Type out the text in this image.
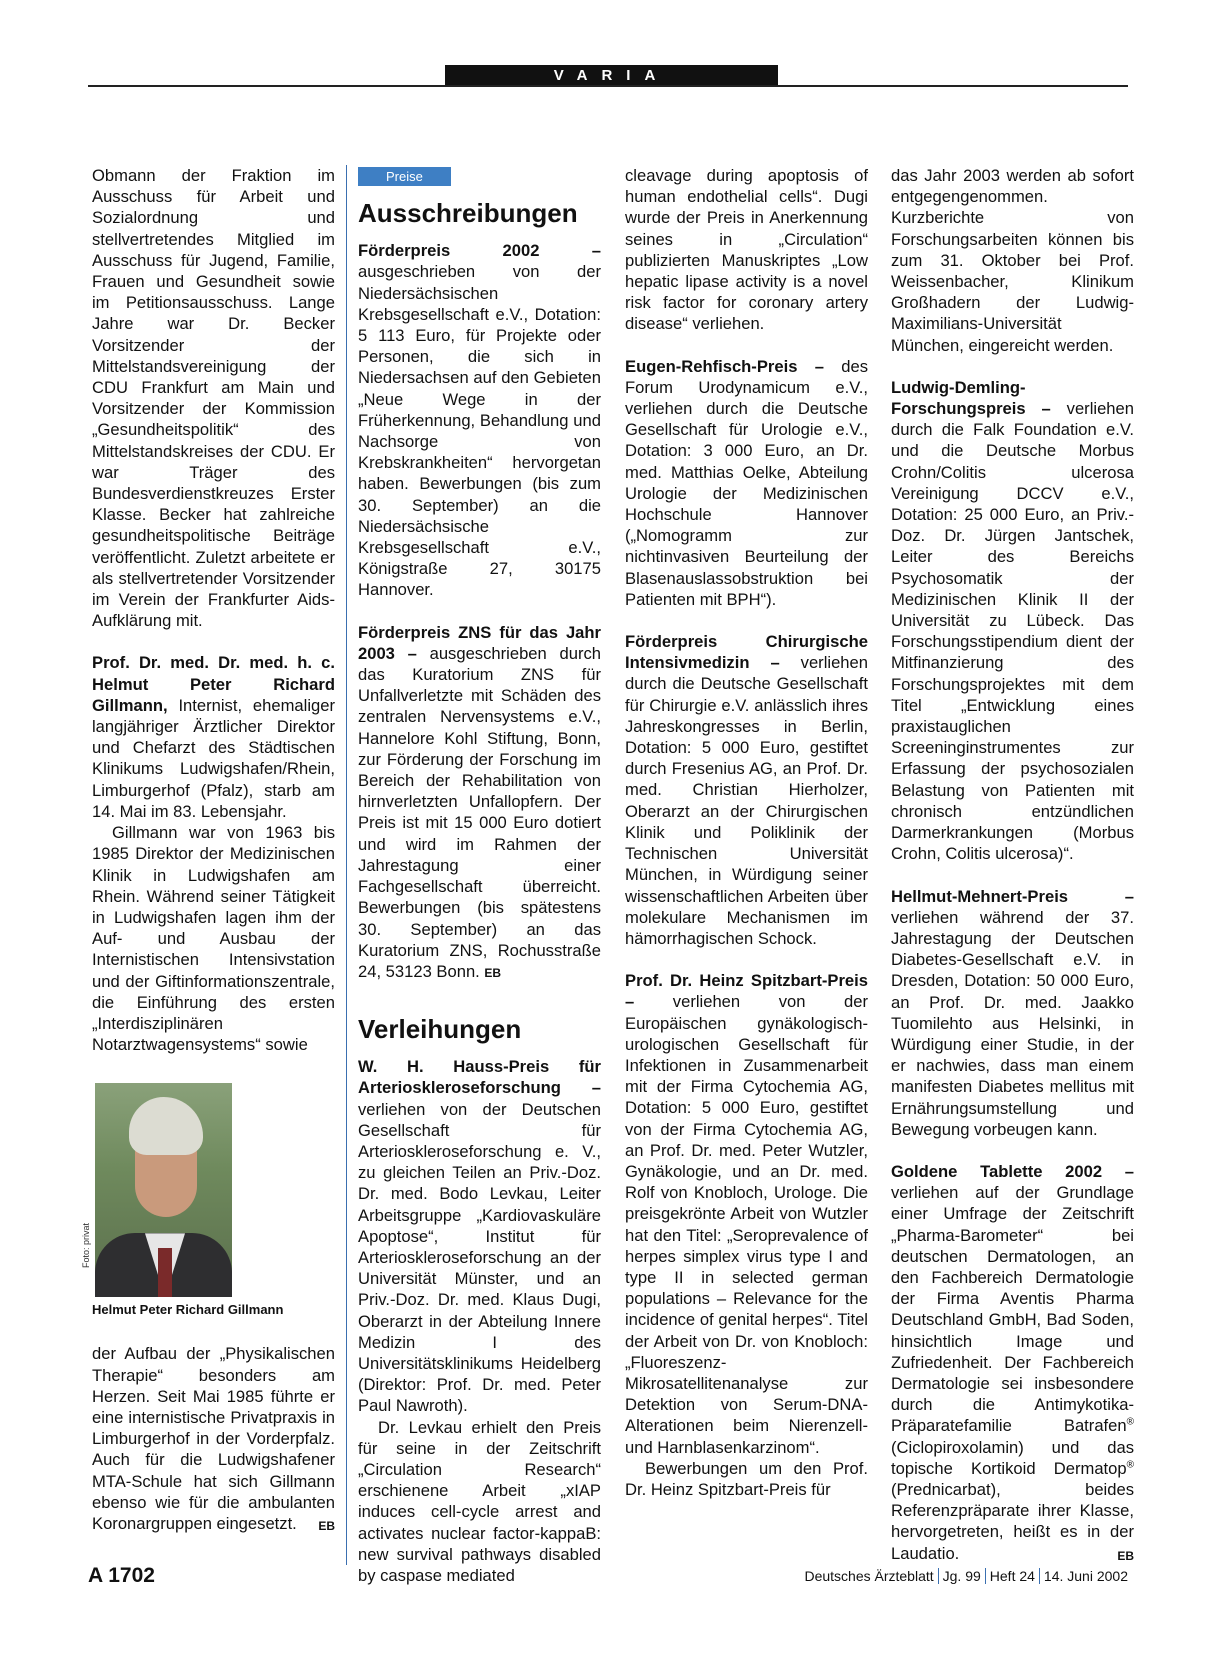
VARIA

Obmann der Fraktion im Ausschuss für Arbeit und Sozialordnung und stellvertretendes Mitglied im Ausschuss für Jugend, Familie, Frauen und Gesundheit sowie im Petitionsausschuss. Lange Jahre war Dr. Becker Vorsitzender der Mittelstandsvereinigung der CDU Frankfurt am Main und Vorsitzender der Kommission „Gesundheitspolitik“ des Mittelstandskreises der CDU. Er war Träger des Bundesverdienstkreuzes Erster Klasse. Becker hat zahlreiche gesundheitspolitische Beiträge veröffentlicht. Zuletzt arbeitete er als stellvertretender Vorsitzender im Verein der Frankfurter Aids-Aufklärung mit.

Prof. Dr. med. Dr. med. h. c. Helmut Peter Richard Gillmann, Internist, ehemaliger langjähriger Ärztlicher Direktor und Chefarzt des Städtischen Klinikums Ludwigshafen/Rhein, Limburgerhof (Pfalz), starb am 14. Mai im 83. Lebensjahr.

Gillmann war von 1963 bis 1985 Direktor der Medizinischen Klinik in Ludwigshafen am Rhein. Während seiner Tätigkeit in Ludwigshafen lagen ihm der Auf- und Ausbau der Internistischen Intensivstation und der Giftinformationszentrale, die Einführung des ersten „Interdisziplinären Notarztwagensystems“ sowie

Foto: privat
Helmut Peter Richard Gillmann

der Aufbau der „Physikalischen Therapie“ besonders am Herzen. Seit Mai 1985 führte er eine internistische Privatpraxis in Limburgerhof in der Vorderpfalz. Auch für die Ludwigshafener MTA-Schule hat sich Gillmann ebenso wie für die ambulanten Koronargruppen eingesetzt. EB

Preise
Ausschreibungen

Förderpreis 2002 – ausgeschrieben von der Niedersächsischen Krebsgesellschaft e.V., Dotation: 5 113 Euro, für Projekte oder Personen, die sich in Niedersachsen auf den Gebieten „Neue Wege in der Früherkennung, Behandlung und Nachsorge von Krebskrankheiten“ hervorgetan haben. Bewerbungen (bis zum 30. September) an die Niedersächsische Krebsgesellschaft e.V., Königstraße 27, 30175 Hannover.

Förderpreis ZNS für das Jahr 2003 – ausgeschrieben durch das Kuratorium ZNS für Unfallverletzte mit Schäden des zentralen Nervensystems e.V., Hannelore Kohl Stiftung, Bonn, zur Förderung der Forschung im Bereich der Rehabilitation von hirnverletzten Unfallopfern. Der Preis ist mit 15 000 Euro dotiert und wird im Rahmen der Jahrestagung einer Fachgesellschaft überreicht. Bewerbungen (bis spätestens 30. September) an das Kuratorium ZNS, Rochusstraße 24, 53123 Bonn. EB

Verleihungen

W. H. Hauss-Preis für Arterioskleroseforschung – verliehen von der Deutschen Gesellschaft für Arterioskleroseforschung e. V., zu gleichen Teilen an Priv.-Doz. Dr. med. Bodo Levkau, Leiter Arbeitsgruppe „Kardiovaskuläre Apoptose“, Institut für Arterioskleroseforschung an der Universität Münster, und an Priv.-Doz. Dr. med. Klaus Dugi, Oberarzt in der Abteilung Innere Medizin I des Universitätsklinikums Heidelberg (Direktor: Prof. Dr. med. Peter Paul Nawroth).

Dr. Levkau erhielt den Preis für seine in der Zeitschrift „Circulation Research“ erschienene Arbeit „xIAP induces cell-cycle arrest and activates nuclear factor-kappaB: new survival pathways disabled by caspase mediated

cleavage during apoptosis of human endothelial cells“. Dugi wurde der Preis in Anerkennung seines in „Circulation“ publizierten Manuskriptes „Low hepatic lipase activity is a novel risk factor for coronary artery disease“ verliehen.

Eugen-Rehfisch-Preis – des Forum Urodynamicum e.V., verliehen durch die Deutsche Gesellschaft für Urologie e.V., Dotation: 3 000 Euro, an Dr. med. Matthias Oelke, Abteilung Urologie der Medizinischen Hochschule Hannover („Nomogramm zur nichtinvasiven Beurteilung der Blasenauslassobstruktion bei Patienten mit BPH“).

Förderpreis Chirurgische Intensivmedizin – verliehen durch die Deutsche Gesellschaft für Chirurgie e.V. anlässlich ihres Jahreskongresses in Berlin, Dotation: 5 000 Euro, gestiftet durch Fresenius AG, an Prof. Dr. med. Christian Hierholzer, Oberarzt an der Chirurgischen Klinik und Poliklinik der Technischen Universität München, in Würdigung seiner wissenschaftlichen Arbeiten über molekulare Mechanismen im hämorrhagischen Schock.

Prof. Dr. Heinz Spitzbart-Preis – verliehen von der Europäischen gynäkologisch-urologischen Gesellschaft für Infektionen in Zusammenarbeit mit der Firma Cytochemia AG, Dotation: 5 000 Euro, gestiftet von der Firma Cytochemia AG, an Prof. Dr. med. Peter Wutzler, Gynäkologie, und an Dr. med. Rolf von Knobloch, Urologe. Die preisgekrönte Arbeit von Wutzler hat den Titel: „Seroprevalence of herpes simplex virus type I and type II in selected german populations – Relevance for the incidence of genital herpes“. Titel der Arbeit von Dr. von Knobloch: „Fluoreszenz-Mikrosatellitenanalyse zur Detektion von Serum-DNA-Alterationen beim Nierenzell- und Harnblasenkarzinom“.

Bewerbungen um den Prof. Dr. Heinz Spitzbart-Preis für

das Jahr 2003 werden ab sofort entgegengenommen. Kurzberichte von Forschungsarbeiten können bis zum 31. Oktober bei Prof. Weissenbacher, Klinikum Großhadern der Ludwig-Maximilians-Universität München, eingereicht werden.

Ludwig-Demling-Forschungspreis – verliehen durch die Falk Foundation e.V. und die Deutsche Morbus Crohn/Colitis ulcerosa Vereinigung DCCV e.V., Dotation: 25 000 Euro, an Priv.-Doz. Dr. Jürgen Jantschek, Leiter des Bereichs Psychosomatik der Medizinischen Klinik II der Universität zu Lübeck. Das Forschungsstipendium dient der Mitfinanzierung des Forschungsprojektes mit dem Titel „Entwicklung eines praxistauglichen Screeninginstrumentes zur Erfassung der psychosozialen Belastung von Patienten mit chronisch entzündlichen Darmerkrankungen (Morbus Crohn, Colitis ulcerosa)“.

Hellmut-Mehnert-Preis – verliehen während der 37. Jahrestagung der Deutschen Diabetes-Gesellschaft e.V. in Dresden, Dotation: 50 000 Euro, an Prof. Dr. med. Jaakko Tuomilehto aus Helsinki, in Würdigung einer Studie, in der er nachwies, dass man einem manifesten Diabetes mellitus mit Ernährungsumstellung und Bewegung vorbeugen kann.

Goldene Tablette 2002 – verliehen auf der Grundlage einer Umfrage der Zeitschrift „Pharma-Barometer“ bei deutschen Dermatologen, an den Fachbereich Dermatologie der Firma Aventis Pharma Deutschland GmbH, Bad Soden, hinsichtlich Image und Zufriedenheit. Der Fachbereich Dermatologie sei insbesondere durch die Antimykotika-Präparatefamilie Batrafen® (Ciclopiroxolamin) und das topische Kortikoid Dermatop® (Prednicarbat), beides Referenzpräparate ihrer Klasse, hervorgetreten, heißt es in der Laudatio.	EB

A 1702	Deutsches Ärzteblatt Jg. 99 Heft 24 14. Juni 2002
